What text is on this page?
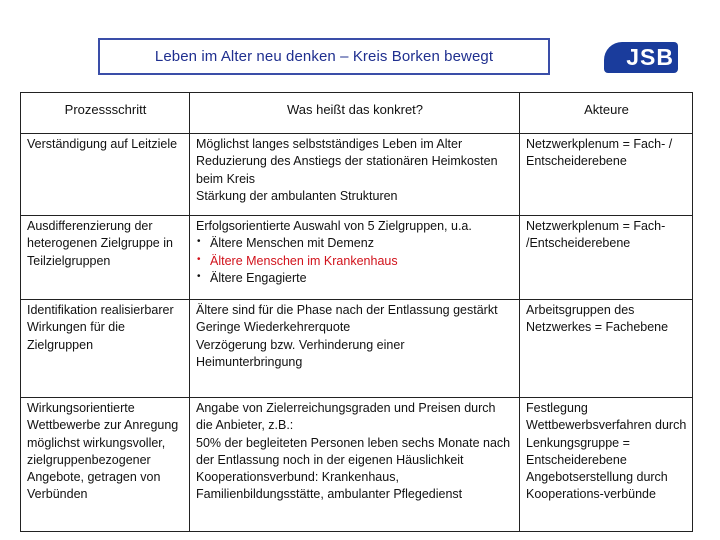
Leben im Alter neu denken – Kreis Borken bewegt	JSB
Prozessschritt	Was heißt das konkret?	Akteure
Verständigung auf Leitziele	Möglichst langes selbstständiges Leben im Alter
Reduzierung des Anstiegs der stationären Heimkosten beim Kreis
Stärkung der ambulanten Strukturen	Netzwerkplenum = Fach- / Entscheiderebene

Ausdifferenzierung der heterogenen Zielgruppe in Teilzielgruppen	Erfolgsorientierte Auswahl von 5 Zielgruppen, u.a.
• Ältere Menschen mit Demenz
• Ältere Menschen im Krankenhaus
• Ältere Engagierte	Netzwerkplenum = Fach- /Entscheiderebene

Identifikation realisierbarer Wirkungen für die Zielgruppen	Ältere sind für die Phase nach der Entlassung gestärkt
Geringe Wiederkehrerquote
Verzögerung bzw. Verhinderung einer Heimunterbringung	Arbeitsgruppen des Netzwerkes = Fachebene

Wirkungsorientierte Wettbewerbe zur Anregung möglichst wirkungsvoller, zielgruppenbezogener Angebote, getragen von Verbünden	Angabe von Zielerreichungsgraden und Preisen durch die Anbieter, z.B.:
50% der begleiteten Personen leben sechs Monate nach der Entlassung noch in der eigenen Häuslichkeit
Kooperationsverbund: Krankenhaus, Familienbildungsstätte, ambulanter Pflegedienst	Festlegung Wettbewerbsverfahren durch Lenkungsgruppe = Entscheiderebene
Angebotserstellung durch Kooperations-verbünde
